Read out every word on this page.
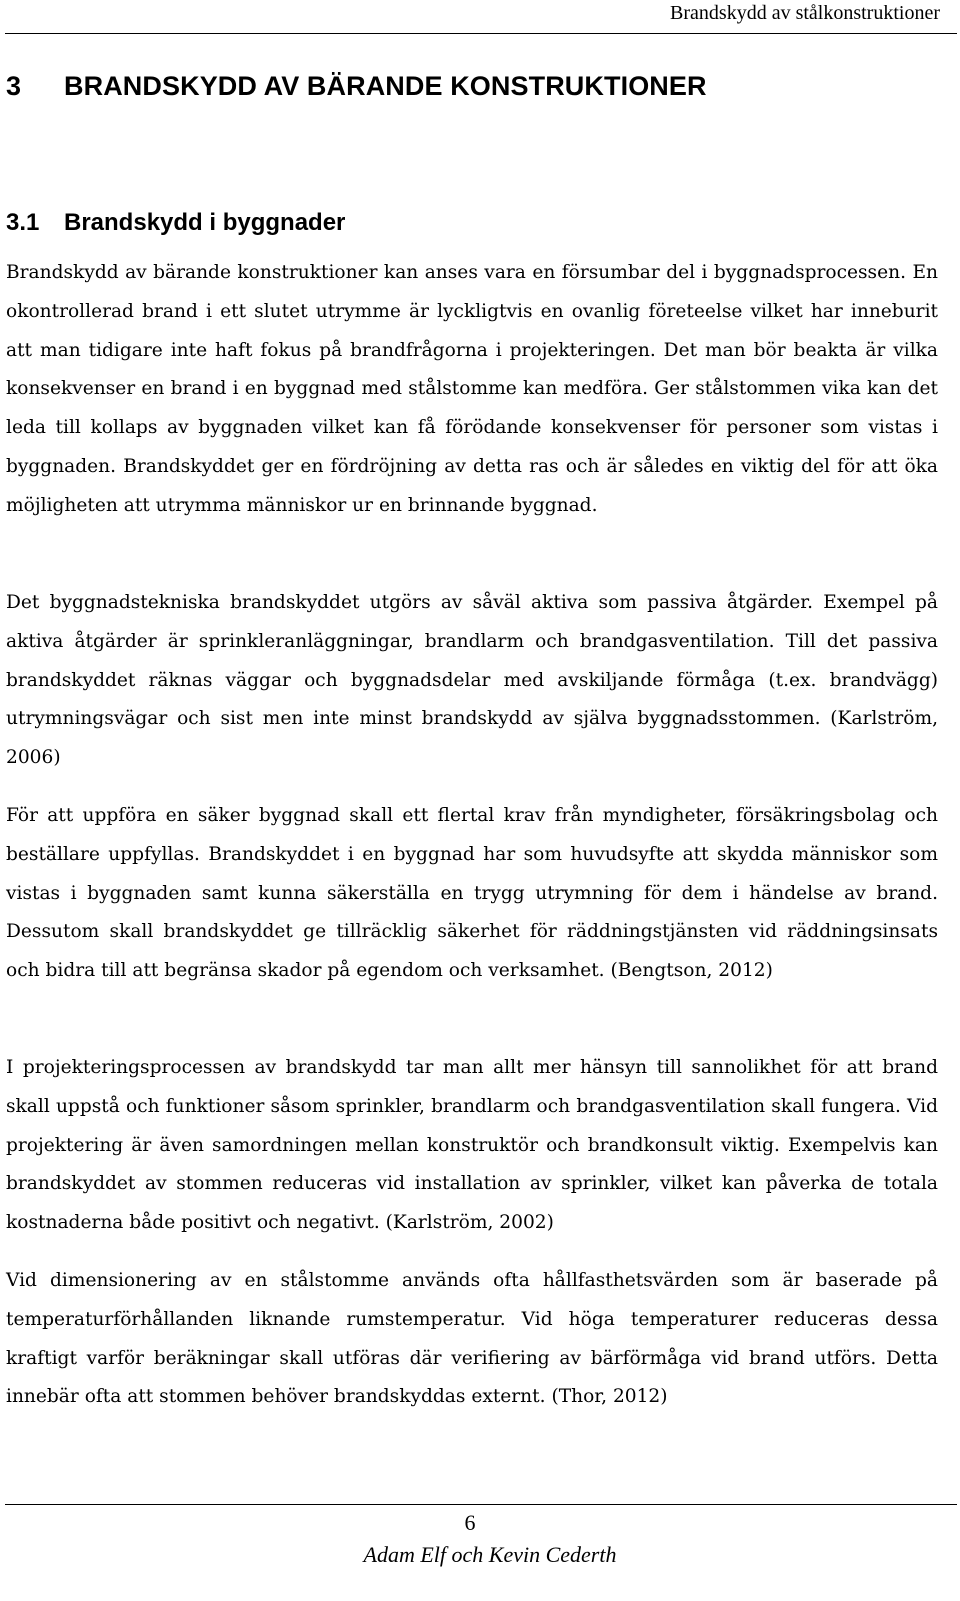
Brandskydd av stålkonstruktioner
3 BRANDSKYDD AV BÄRANDE KONSTRUKTIONER
3.1 Brandskydd i byggnader

Brandskydd av bärande konstruktioner kan anses vara en försumbar del i byggnadsprocessen. En okontrollerad brand i ett slutet utrymme är lyckligtvis en ovanlig företeelse vilket har inneburit att man tidigare inte haft fokus på brandfrågorna i projekteringen. Det man bör beakta är vilka konsekvenser en brand i en byggnad med stålstomme kan medföra. Ger stålstommen vika kan det leda till kollaps av byggnaden vilket kan få förödande konsekvenser för personer som vistas i byggnaden. Brandskyddet ger en fördröjning av detta ras och är således en viktig del för att öka möjligheten att utrymma människor ur en brinnande byggnad.

Det byggnadstekniska brandskyddet utgörs av såväl aktiva som passiva åtgärder. Exempel på aktiva åtgärder är sprinkleranläggningar, brandlarm och brandgasventilation. Till det passiva brandskyddet räknas väggar och byggnadsdelar med avskiljande förmåga (t.ex. brandvägg) utrymningsvägar och sist men inte minst brandskydd av själva byggnadsstommen. (Karlström, 2006)

För att uppföra en säker byggnad skall ett flertal krav från myndigheter, försäkringsbolag och beställare uppfyllas. Brandskyddet i en byggnad har som huvudsyfte att skydda människor som vistas i byggnaden samt kunna säkerställa en trygg utrymning för dem i händelse av brand. Dessutom skall brandskyddet ge tillräcklig säkerhet för räddningstjänsten vid räddningsinsats och bidra till att begränsa skador på egendom och verksamhet. (Bengtson, 2012)

I projekteringsprocessen av brandskydd tar man allt mer hänsyn till sannolikhet för att brand skall uppstå och funktioner såsom sprinkler, brandlarm och brandgasventilation skall fungera. Vid projektering är även samordningen mellan konstruktör och brandkonsult viktig. Exempelvis kan brandskyddet av stommen reduceras vid installation av sprinkler, vilket kan påverka de totala kostnaderna både positivt och negativt. (Karlström, 2002)

Vid dimensionering av en stålstomme används ofta hållfasthetsvärden som är baserade på temperaturförhållanden liknande rumstemperatur. Vid höga temperaturer reduceras dessa kraftigt varför beräkningar skall utföras där verifiering av bärförmåga vid brand utförs. Detta innebär ofta att stommen behöver brandskyddas externt. (Thor, 2012)

6
Adam Elf och Kevin Cederth
